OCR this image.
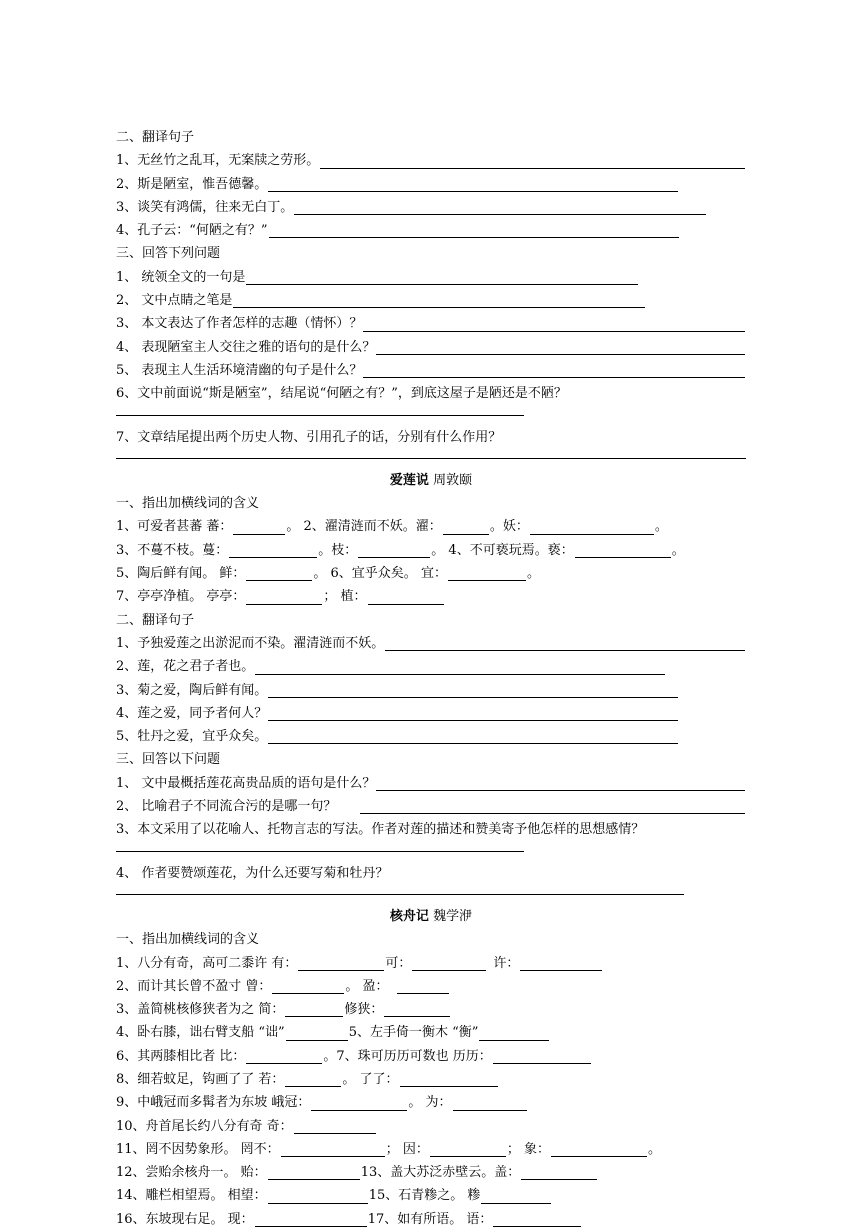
二、翻译句子
1、无丝竹之乱耳，无案牍之劳形。
2、斯是陋室，惟吾德馨。
3、谈笑有鸿儒，往来无白丁。
4、孔子云：“何陋之有？”
三、回答下列问题
1、 统领全文的一句是
2、 文中点睛之笔是
3、 本文表达了作者怎样的志趣（情怀）？
4、 表现陋室主人交往之雅的语句的是什么？
5、 表现主人生活环境清幽的句子是什么？
6、文中前面说“斯是陋室”，结尾说“何陋之有？”，到底这屋子是陋还是不陋？
7、文章结尾提出两个历史人物、引用孔子的话，分别有什么作用？
爱莲说
周敦颐
一、指出加横线词的含义
1、可爱者甚蕃 蕃：	。 2、濯清涟而不妖。濯：	。妖：	。
3、不蔓不枝。蔓：	。枝：	。 4、不可亵玩焉。亵：	。
5、陶后鲜有闻。 鲜：	。 6、宜乎众矣。 宜：	。
7、亭亭净植。 亭亭：	； 植：
二、翻译句子
1、予独爱莲之出淤泥而不染。濯清涟而不妖。
2、莲，花之君子者也。
3、菊之爱，陶后鲜有闻。
4、莲之爱，同予者何人？
5、牡丹之爱，宜乎众矣。
三、回答以下问题
1、 文中最概括莲花高贵品质的语句是什么？
2、 比喻君子不同流合污的是哪一句？
3、本文采用了以花喻人、托物言志的写法。作者对莲的描述和赞美寄予他怎样的思想感情？
4、 作者要赞颂莲花，为什么还要写菊和牡丹？
核舟记
魏学洢
一、指出加横线词的含义
1、八分有奇，高可二黍许 有：	可：	许：
2、而计其长曾不盈寸 曾：	。 盈：
3、盖简桃核修狭者为之 简：	修狭：
4、卧右膝，诎右臂支船 “诎”	5、左手倚一衡木 “衡”
6、其两膝相比者 比：	。7、珠可历历可数也 历历：
8、细若蚊足，钩画了了 若：	。 了了：
9、中峨冠而多髯者为东坡 峨冠：	。 为：
10、舟首尾长约八分有奇 奇：
11、罔不因势象形。 罔不：	； 因：	； 象：	。
12、尝贻余核舟一。 贻：	13、盖大苏泛赤壁云。盖：
14、雕栏相望焉。 相望：	15、石青糁之。 糁
16、东坡现右足。 现：	17、如有所语。 语：
